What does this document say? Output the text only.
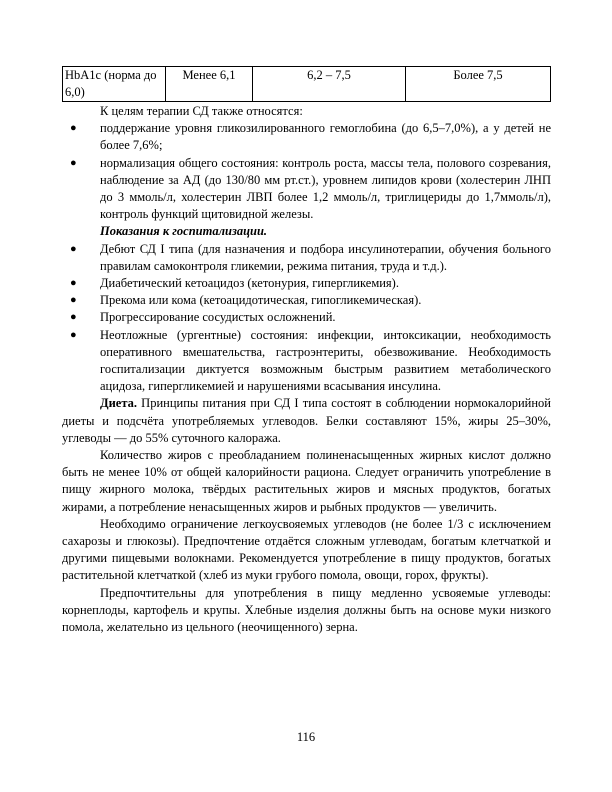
HbA1c (норма до 6,0)	Менее 6,1	6,2 – 7,5	Более 7,5

К целям терапии СД также относятся:

● поддержание уровня гликозилированного гемоглобина (до 6,5–7,0%), а у детей не более 7,6%;
● нормализация общего состояния: контроль роста, массы тела, полового созревания, наблюдение за АД (до 130/80 мм рт.ст.), уровнем липидов крови (холестерин ЛНП до 3 ммоль/л, холестерин ЛВП более 1,2 ммоль/л, триглицериды до 1,7ммоль/л), контроль функций щитовидной железы.

Показания к госпитализации.

● Дебют СД I типа (для назначения и подбора инсулинотерапии, обучения больного правилам самоконтроля гликемии, режима питания, труда и т.д.).
● Диабетический кетоацидоз (кетонурия, гипергликемия).
● Прекома или кома (кетоацидотическая, гипогликемическая).
● Прогрессирование сосудистых осложнений.
● Неотложные (ургентные) состояния: инфекции, интоксикации, необходимость оперативного вмешательства, гастроэнтериты, обезвоживание. Необходимость госпитализации диктуется возможным быстрым развитием метаболического ацидоза, гипергликемией и нарушениями всасывания инсулина.

Диета. Принципы питания при СД I типа состоят в соблюдении нормокалорийной диеты и подсчёта употребляемых углеводов. Белки составляют 15%, жиры 25–30%, углеводы — до 55% суточного калоража.

Количество жиров с преобладанием полиненасыщенных жирных кислот должно быть не менее 10% от общей калорийности рациона. Следует ограничить употребление в пищу жирного молока, твёрдых растительных жиров и мясных продуктов, богатых жирами, а потребление ненасыщенных жиров и рыбных продуктов — увеличить.

Необходимо ограничение легкоусвояемых углеводов (не более 1/3 с исключением сахарозы и глюкозы). Предпочтение отдаётся сложным углеводам, богатым клетчаткой и другими пищевыми волокнами. Рекомендуется употребление в пищу продуктов, богатых растительной клетчаткой (хлеб из муки грубого помола, овощи, горох, фрукты).

Предпочтительны для употребления в пищу медленно усвояемые углеводы: корнеплоды, картофель и крупы. Хлебные изделия должны быть на основе муки низкого помола, желательно из цельного (неочищенного) зерна.

116
